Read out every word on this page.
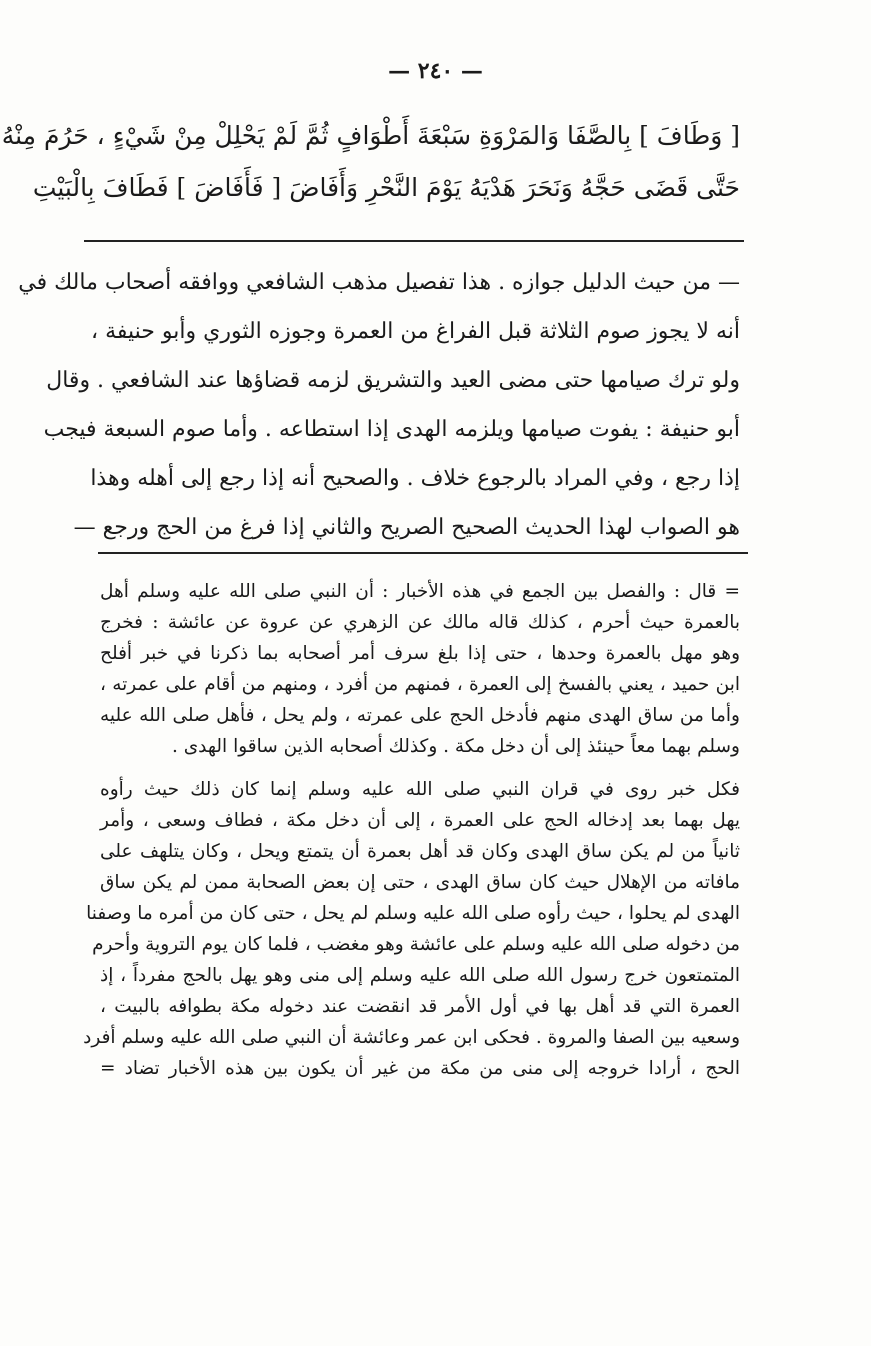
— ٢٤٠ —
[ وَطَافَ ] بِالصَّفَا وَالمَرْوَةِ سَبْعَةَ أَطْوَافٍ ثُمَّ لَمْ يَحْلِلْ مِنْ شَيْءٍ ، حَرُمَ مِنْهُ
حَتَّى قَضَى حَجَّهُ وَنَحَرَ هَدْيَهُ يَوْمَ النَّحْرِ وَأَفَاضَ [ فَأَفَاضَ ] فَطَافَ بِالْبَيْتِ
— من حيث الدليل جوازه . هذا تفصيل مذهب الشافعي ووافقه أصحاب مالك في
أنه لا يجوز صوم الثلاثة قبل الفراغ من العمرة وجوزه الثوري وأبو حنيفة ،
ولو ترك صيامها حتى مضى العيد والتشريق لزمه قضاؤها عند الشافعي . وقال
أبو حنيفة : يفوت صيامها ويلزمه الهدى إذا استطاعه . وأما صوم السبعة فيجب
إذا رجع ، وفي المراد بالرجوع خلاف . والصحيح أنه إذا رجع إلى أهله وهذا
هو الصواب لهذا الحديث الصحيح الصريح والثاني إذا فرغ من الحج ورجع —
= قال : والفصل بين الجمع في هذه الأخبار : أن النبي صلى الله عليه وسلم أهل
بالعمرة حيث أحرم ، كذلك قاله مالك عن الزهري عن عروة عن عائشة : فخرج
وهو مهل بالعمرة وحدها ، حتى إذا بلغ سرف أمر أصحابه بما ذكرنا في خبر أفلح
ابن حميد ، يعني بالفسخ إلى العمرة ، فمنهم من أفرد ، ومنهم من أقام على عمرته ،
وأما من ساق الهدى منهم فأدخل الحج على عمرته ، ولم يحل ، فأهل صلى الله عليه
وسلم بهما معاً حينئذ إلى أن دخل مكة . وكذلك أصحابه الذين ساقوا الهدى .
فكل خبر روى في قران النبي صلى الله عليه وسلم إنما كان ذلك حيث رأوه
يهل بهما بعد إدخاله الحج على العمرة ، إلى أن دخل مكة ، فطاف وسعى ، وأمر
ثانياً من لم يكن ساق الهدى وكان قد أهل بعمرة أن يتمتع ويحل ، وكان يتلهف على
مافاته من الإهلال حيث كان ساق الهدى ، حتى إن بعض الصحابة ممن لم يكن ساق
الهدى لم يحلوا ، حيث رأوه صلى الله عليه وسلم لم يحل ، حتى كان من أمره ما وصفنا
من دخوله صلى الله عليه وسلم على عائشة وهو مغضب ، فلما كان يوم التروية وأحرم
المتمتعون خرج رسول الله صلى الله عليه وسلم إلى منى وهو يهل بالحج مفرداً ، إذ
العمرة التي قد أهل بها في أول الأمر قد انقضت عند دخوله مكة بطوافه بالبيت ،
وسعيه بين الصفا والمروة . فحكى ابن عمر وعائشة أن النبي صلى الله عليه وسلم أفرد
الحج ، أرادا خروجه إلى منى من مكة من غير أن يكون بين هذه الأخبار تضاد =
